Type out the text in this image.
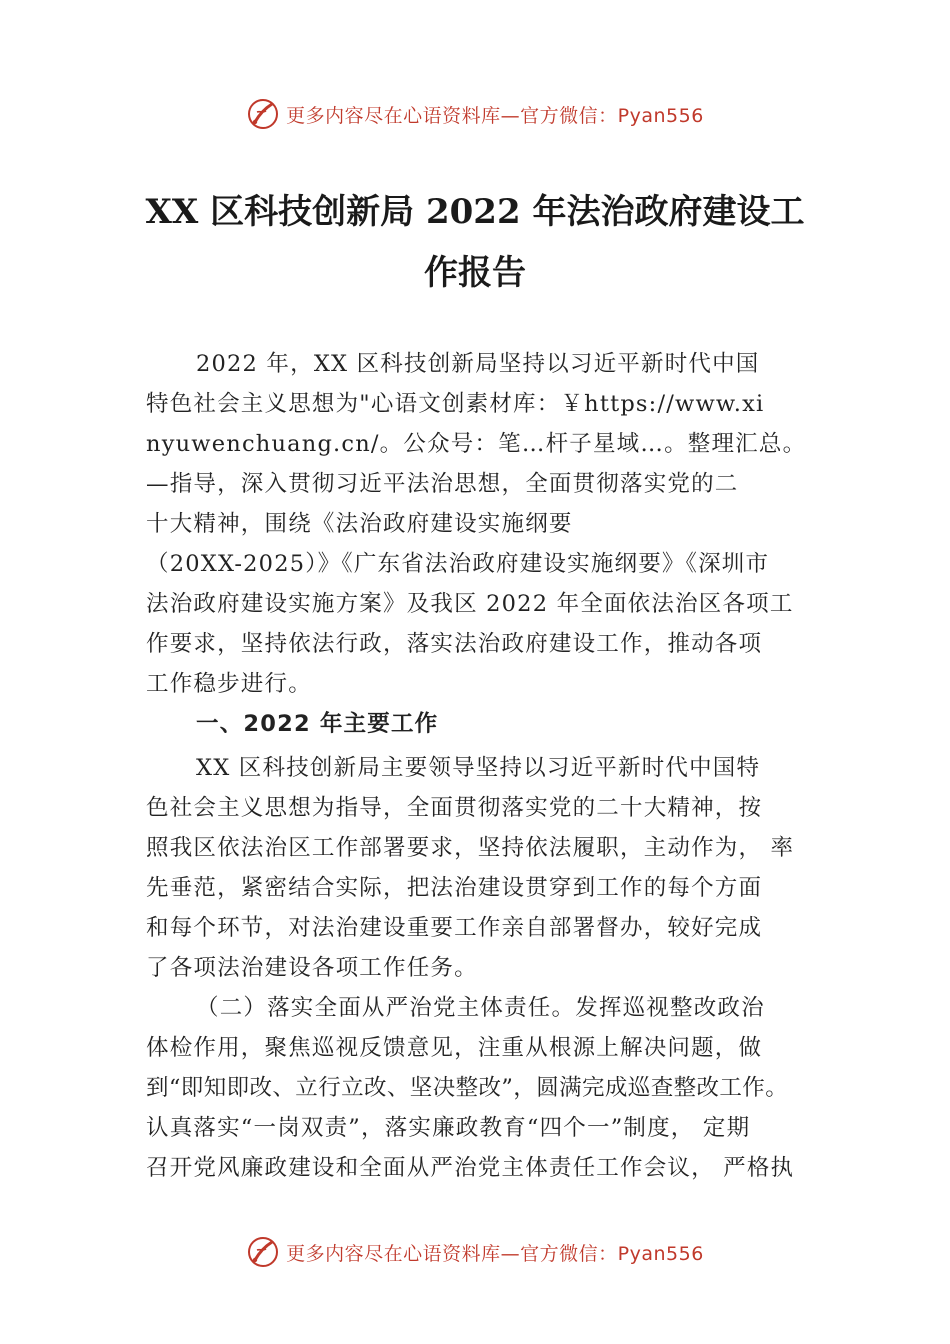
更多内容尽在心语资料库—官方微信：Pyan556
XX 区科技创新局 2022 年法治政府建设工
作报告
2022 年，XX 区科技创新局坚持以习近平新时代中国
特色社会主义思想为"心语文创素材库：￥https://www.xi
nyuwenchuang.cn/。公众号：笔…杆子星域…。整理汇总。
—指导，深入贯彻习近平法治思想，全面贯彻落实党的二
十大精神，围绕《法治政府建设实施纲要
（20XX-2025）》《广东省法治政府建设实施纲要》《深圳市
法治政府建设实施方案》及我区 2022 年全面依法治区各项工
作要求，坚持依法行政，落实法治政府建设工作，推动各项
工作稳步进行。
一、2022 年主要工作
XX 区科技创新局主要领导坚持以习近平新时代中国特
色社会主义思想为指导，全面贯彻落实党的二十大精神，按
照我区依法治区工作部署要求，坚持依法履职，主动作为， 率
先垂范，紧密结合实际，把法治建设贯穿到工作的每个方面
和每个环节，对法治建设重要工作亲自部署督办，较好完成
了各项法治建设各项工作任务。
（二）落实全面从严治党主体责任。发挥巡视整改政治
体检作用，聚焦巡视反馈意见，注重从根源上解决问题，做
到“即知即改、立行立改、坚决整改”，圆满完成巡查整改工作。
认真落实“一岗双责”，落实廉政教育“四个一”制度， 定期
召开党风廉政建设和全面从严治党主体责任工作会议， 严格执
更多内容尽在心语资料库—官方微信：Pyan556
